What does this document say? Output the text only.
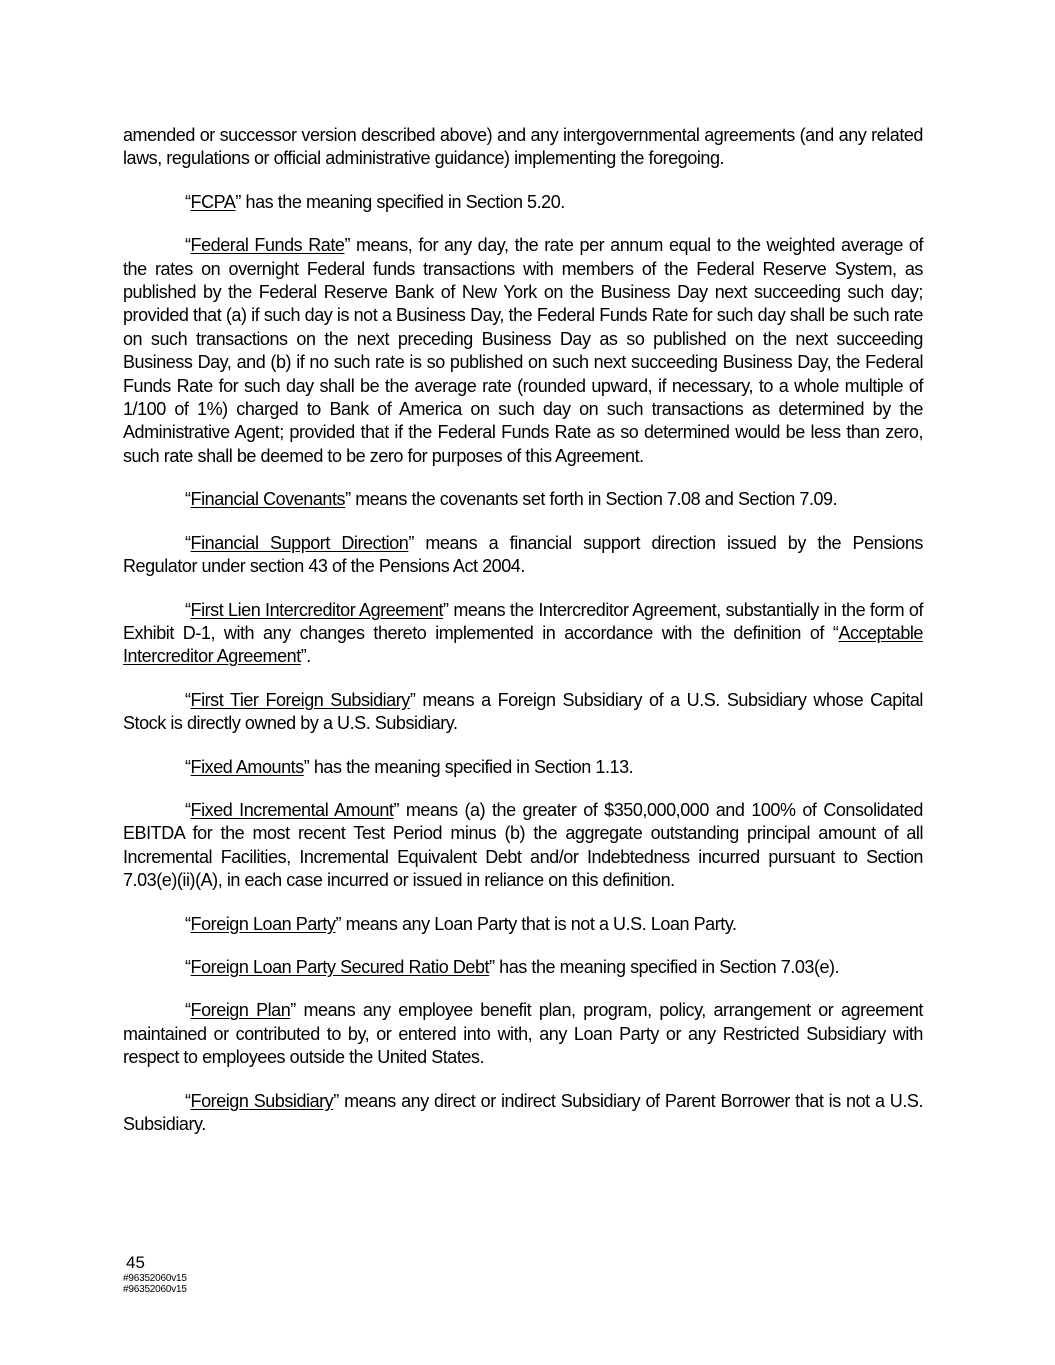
amended or successor version described above) and any intergovernmental agreements (and any related laws, regulations or official administrative guidance) implementing the foregoing.

“FCPA” has the meaning specified in Section 5.20.

“Federal Funds Rate” means, for any day, the rate per annum equal to the weighted average of the rates on overnight Federal funds transactions with members of the Federal Reserve System, as published by the Federal Reserve Bank of New York on the Business Day next succeeding such day; provided that (a) if such day is not a Business Day, the Federal Funds Rate for such day shall be such rate on such transactions on the next preceding Business Day as so published on the next succeeding Business Day, and (b) if no such rate is so published on such next succeeding Business Day, the Federal Funds Rate for such day shall be the average rate (rounded upward, if necessary, to a whole multiple of 1/100 of 1%) charged to Bank of America on such day on such transactions as determined by the Administrative Agent; provided that if the Federal Funds Rate as so determined would be less than zero, such rate shall be deemed to be zero for purposes of this Agreement.

“Financial Covenants” means the covenants set forth in Section 7.08 and Section 7.09.

“Financial Support Direction” means a financial support direction issued by the Pensions Regulator under section 43 of the Pensions Act 2004.

“First Lien Intercreditor Agreement” means the Intercreditor Agreement, substantially in the form of Exhibit D-1, with any changes thereto implemented in accordance with the definition of “Acceptable Intercreditor Agreement”.

“First Tier Foreign Subsidiary” means a Foreign Subsidiary of a U.S. Subsidiary whose Capital Stock is directly owned by a U.S. Subsidiary.

“Fixed Amounts” has the meaning specified in Section 1.13.

“Fixed Incremental Amount” means (a) the greater of $350,000,000 and 100% of Consolidated EBITDA for the most recent Test Period minus (b) the aggregate outstanding principal amount of all Incremental Facilities, Incremental Equivalent Debt and/or Indebtedness incurred pursuant to Section 7.03(e)(ii)(A), in each case incurred or issued in reliance on this definition.

“Foreign Loan Party” means any Loan Party that is not a U.S. Loan Party.

“Foreign Loan Party Secured Ratio Debt” has the meaning specified in Section 7.03(e).

“Foreign Plan” means any employee benefit plan, program, policy, arrangement or agreement maintained or contributed to by, or entered into with, any Loan Party or any Restricted Subsidiary with respect to employees outside the United States.

“Foreign Subsidiary” means any direct or indirect Subsidiary of Parent Borrower that is not a U.S. Subsidiary.

45
#96352060v15
#96352060v15
